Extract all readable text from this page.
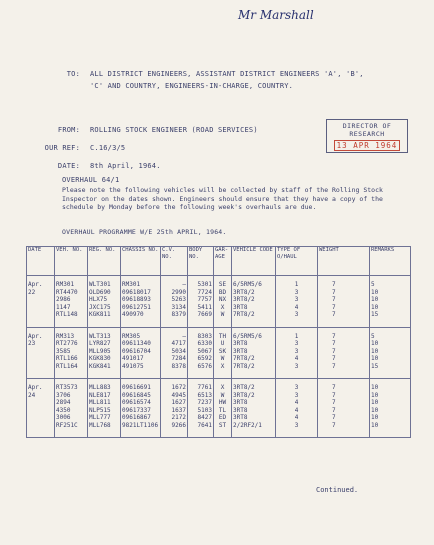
Mr Marshall
TO: ALL DISTRICT ENGINEERS, ASSISTANT DISTRICT ENGINEERS 'A', 'B',
'C' AND COUNTRY, ENGINEERS-IN-CHARGE, COUNTRY.
FROM: ROLLING STOCK ENGINEER (ROAD SERVICES)
OUR REF: C.16/3/5
DATE: 8th April, 1964.
DIRECTOR OF
RESEARCH
13 APR 1964
OVERHAUL 64/1
Please note the following vehicles will be collected by staff of the Rolling Stock Inspector on the dates shown. Engineers should ensure that they have a copy of the schedule by Monday before the following week's overhauls are due.
OVERHAUL PROGRAMME W/E 25th APRIL, 1964.
DATE	VEH. NO.	REG. NO.	CHASSIS NO.	C.V. NO.	BODY NO.	GAR- AGE	VEHICLE CODE	TYPE OF O/HAUL	WEIGHT	REMARKS	

Apr.	RM301	WLT301	RM301	–	5301	SE	6/5RM5/6	1	7	5	
22	RT4470	OLD690	09618017	2990	7724	BD	3RT8/2	3	7	10	
	2986	HLX75	09618893	5263	7757	NX	3RT8/2	3	7	10	
	1147	JXC175	09612751	3134	5411	X	3RT8	4	7	10	
	RTL148	KGK811	490970	8379	7669	W	7RT8/2	3	7	15	

Apr.	RM313	WLT313	RM305	–	8303	TH	6/5RM5/6	1	7	5	
23	RT2776	LYR827	09611340	4717	6330	U	3RT8	3	7	10	
	3585	MLL905	09616704	5034	5067	SK	3RT8	3	7	10	
	RTL166	KGK830	491017	7284	6592	W	7RT8/2	4	7	10	
	RTL164	KGK841	491075	8378	6576	X	7RT8/2	3	7	15	

Apr.	RT3573	MLL883	09616691	1672	7761	X	3RT8/2	3	7	10	
24	3706	NLE817	09616845	4945	6513	W	3RT8/2	3	7	10	
	2894	MLL811	09616574	1627	7237	HW	3RT8	4	7	10	
	4350	NLP515	09617337	1637	5103	TL	3RT8	4	7	10	
	3006	MLL777	09616867	2172	8427	ED	3RT8	4	7	10	
	RF251C	MLL768	9821LT1106	9266	7641	ST	2/2RF2/1	3	7	10	

Continued.
